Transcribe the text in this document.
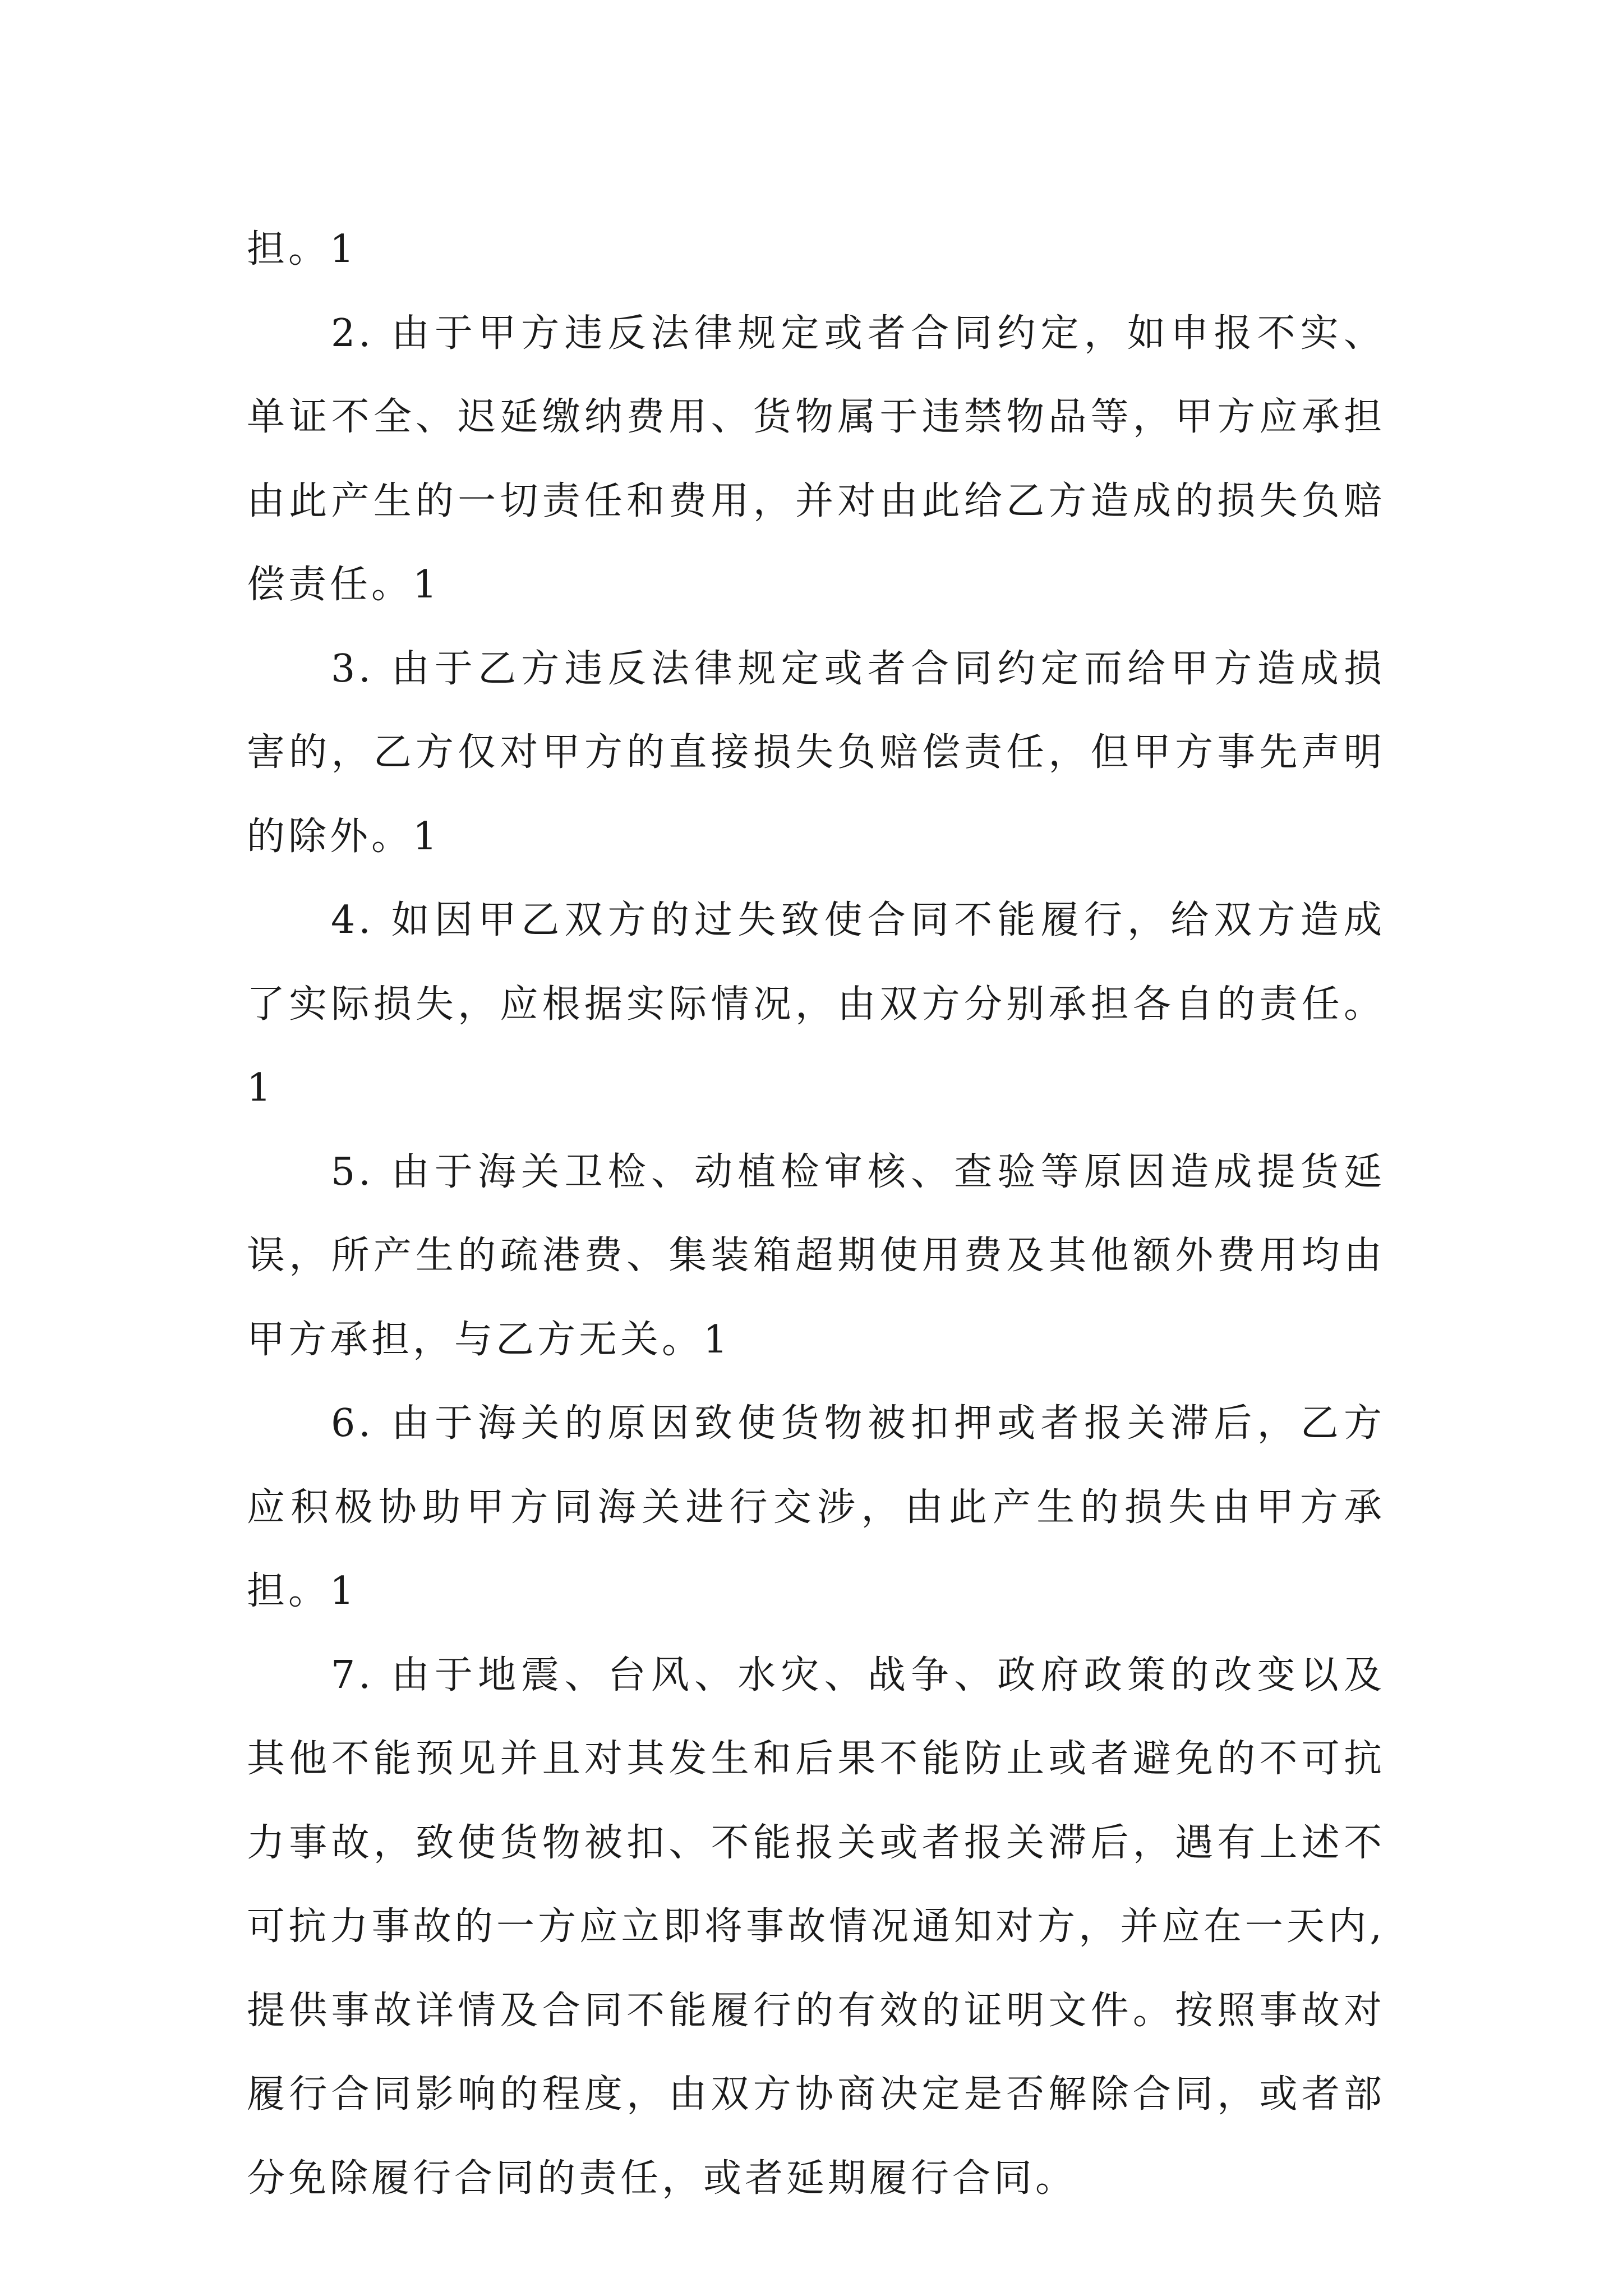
担。1

2. 由于甲方违反法律规定或者合同约定，如申报不实、单证不全、迟延缴纳费用、货物属于违禁物品等，甲方应承担由此产生的一切责任和费用，并对由此给乙方造成的损失负赔偿责任。1

3. 由于乙方违反法律规定或者合同约定而给甲方造成损害的，乙方仅对甲方的直接损失负赔偿责任，但甲方事先声明的除外。1

4. 如因甲乙双方的过失致使合同不能履行，给双方造成了实际损失，应根据实际情况，由双方分别承担各自的责任。1

5. 由于海关卫检、动植检审核、查验等原因造成提货延误，所产生的疏港费、集装箱超期使用费及其他额外费用均由甲方承担，与乙方无关。1

6. 由于海关的原因致使货物被扣押或者报关滞后，乙方应积极协助甲方同海关进行交涉，由此产生的损失由甲方承担。1

7. 由于地震、台风、水灾、战争、政府政策的改变以及其他不能预见并且对其发生和后果不能防止或者避免的不可抗力事故，致使货物被扣、不能报关或者报关滞后，遇有上述不可抗力事故的一方应立即将事故情况通知对方，并应在一天内,提供事故详情及合同不能履行的有效的证明文件。按照事故对履行合同影响的程度，由双方协商决定是否解除合同，或者部分免除履行合同的责任，或者延期履行合同。
